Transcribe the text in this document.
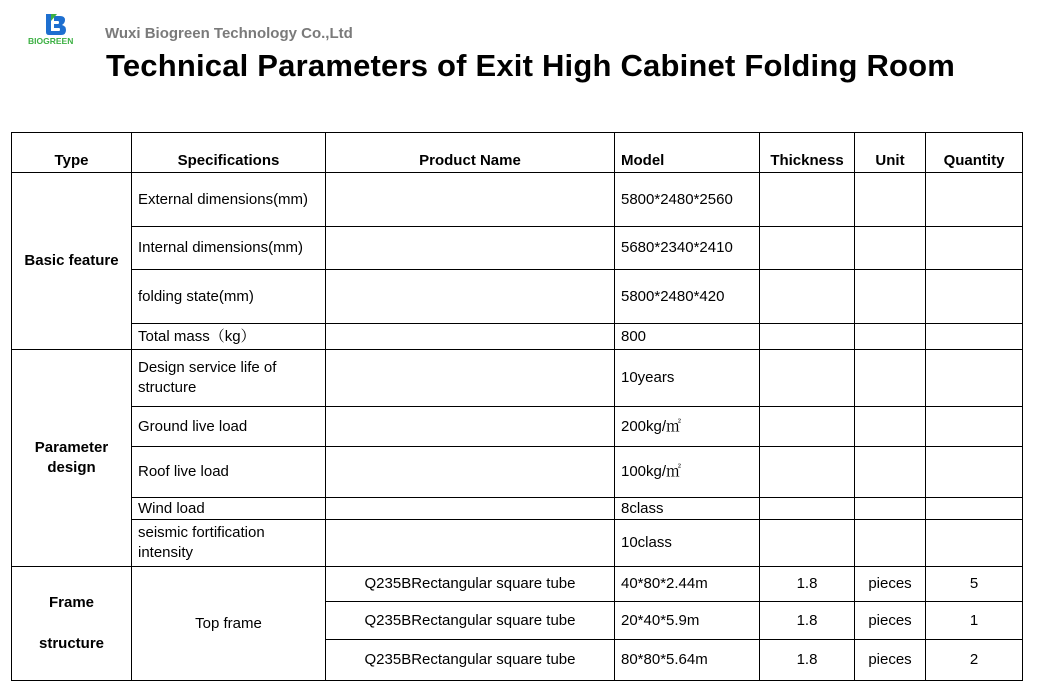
BIOGREEN Wuxi Biogreen Technology Co.,Ltd
Technical Parameters of Exit High Cabinet Folding Room
Type	Specifications	Product Name	Model	Thickness	Unit	Quantity
Basic feature	External dimensions(mm)		5800*2480*2560			
	Internal dimensions(mm)		5680*2340*2410			
	folding state(mm)		5800*2480*420			
	Total mass（kg）		800			
Parameter design	Design service life of structure		10years			
	Ground live load		200kg/㎡			
	Roof live load		100kg/㎡			
	Wind load		8class			
	seismic fortification intensity		10class			

Frame
structure	Top frame	Q235BRectangular square tube	40*80*2.44m	1.8	pieces	5
		Q235BRectangular square tube	20*40*5.9m	1.8	pieces	1
		Q235BRectangular square tube	80*80*5.64m	1.8	pieces	2
